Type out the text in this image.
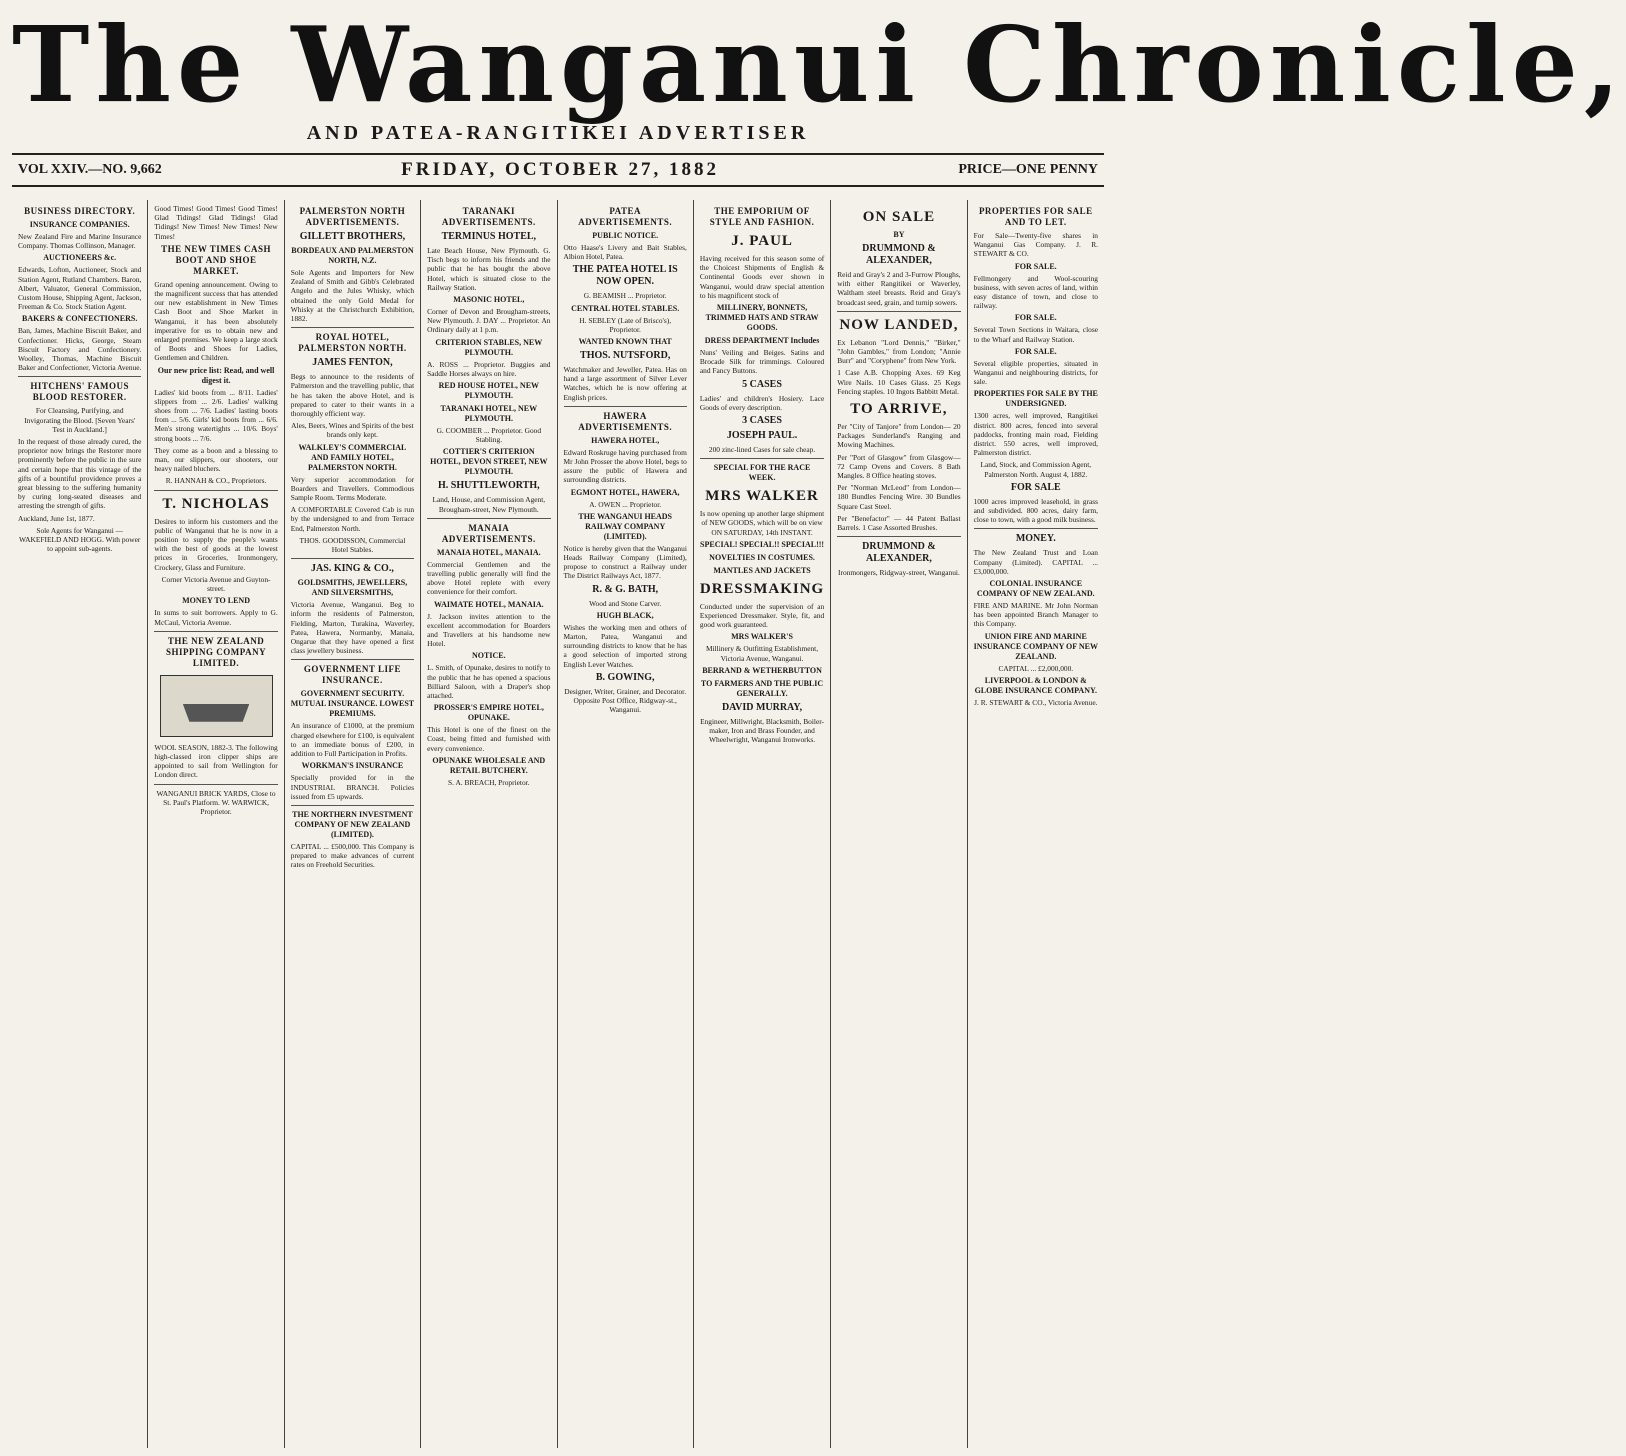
The Wanganui Chronicle,
AND PATEA-RANGITIKEI ADVERTISER
VOL XXIV.—NO. 9,662	FRIDAY, OCTOBER 27, 1882	PRICE—ONE PENNY
BUSINESS DIRECTORY.
INSURANCE COMPANIES.

New Zealand Fire and Marine Insurance Company. Thomas Collinson, Manager.

AUCTIONEERS &c.

Edwards, Lofton, Auctioneer, Stock and Station Agent, Rutland Chambers. Baron, Albert, Valuator, General Commission, Custom House, Shipping Agent, Jackson, Freeman & Co. Stock Station Agent.

BAKERS & CONFECTIONERS.

Ban, James, Machine Biscuit Baker, and Confectioner. Hicks, George, Steam Biscuit Factory and Confectionery. Woolley, Thomas, Machine Biscuit Baker and Confectioner, Victoria Avenue.

HITCHENS' FAMOUS BLOOD RESTORER.

For Cleansing, Purifying, and Invigorating the Blood. [Seven Years' Test in Auckland.]

In the request of those already cured, the proprietor now brings the Restorer more prominently before the public in the sure and certain hope that this vintage of the gifts of a bountiful providence proves a great blessing to the suffering humanity by curing long-seated diseases and arresting the strength of gifts.

Auckland, June 1st, 1877.

Sole Agents for Wanganui — WAKEFIELD AND HOGG. With power to appoint sub-agents.

Good Times! Good Times! Good Times! Glad Tidings! Glad Tidings! Glad Tidings! New Times! New Times! New Times!

THE NEW TIMES CASH BOOT AND SHOE MARKET.

Grand opening announcement. Owing to the magnificent success that has attended our new establishment in New Times Cash Boot and Shoe Market in Wanganui, it has been absolutely imperative for us to obtain new and enlarged premises. We keep a large stock of Boots and Shoes for Ladies, Gentlemen and Children.

Our new price list: Read, and well digest it.

Ladies' kid boots from ... 8/11. Ladies' slippers from ... 2/6. Ladies' walking shoes from ... 7/6. Ladies' lasting boots from ... 5/6. Girls' kid boots from ... 6/6. Men's strong watertights ... 10/6. Boys' strong boots ... 7/6.

They come as a boon and a blessing to man, our slippers, our shooters, our heavy nailed bluchers.

R. HANNAH & CO., Proprietors.

T. NICHOLAS

Desires to inform his customers and the public of Wanganui that he is now in a position to supply the people's wants with the best of goods at the lowest prices in Groceries, Ironmongery, Crockery, Glass and Furniture.

Corner Victoria Avenue and Guyton-street.

MONEY TO LEND

In sums to suit borrowers. Apply to G. McCaul, Victoria Avenue.

THE NEW ZEALAND SHIPPING COMPANY LIMITED.

WOOL SEASON, 1882-3. The following high-classed iron clipper ships are appointed to sail from Wellington for London direct.

WANGANUI BRICK YARDS, Close to St. Paul's Platform. W. WARWICK, Proprietor.

PALMERSTON NORTH ADVERTISEMENTS.
GILLETT BROTHERS,
BORDEAUX AND PALMERSTON NORTH, N.Z.

Sole Agents and Importers for New Zealand of Smith and Gibb's Celebrated Angelo and the Jules Whisky, which obtained the only Gold Medal for Whisky at the Christchurch Exhibition, 1882.

ROYAL HOTEL, PALMERSTON NORTH.
JAMES FENTON,

Begs to announce to the residents of Palmerston and the travelling public, that he has taken the above Hotel, and is prepared to cater to their wants in a thoroughly efficient way.

Ales, Beers, Wines and Spirits of the best brands only kept.

WALKLEY'S COMMERCIAL AND FAMILY HOTEL, PALMERSTON NORTH.

Very superior accommodation for Boarders and Travellers. Commodious Sample Room. Terms Moderate.

A COMFORTABLE Covered Cab is run by the undersigned to and from Terrace End, Palmerston North.

THOS. GOODISSON, Commercial Hotel Stables.

JAS. KING & CO.,
GOLDSMITHS, JEWELLERS, AND SILVERSMITHS,

Victoria Avenue, Wanganui. Beg to inform the residents of Palmerston, Fielding, Marton, Turakina, Waverley, Patea, Hawera, Normanby, Manaia, Ongarue that they have opened a first class jewellery business.

GOVERNMENT LIFE INSURANCE.
GOVERNMENT SECURITY. MUTUAL INSURANCE. LOWEST PREMIUMS.

An insurance of £1000, at the premium charged elsewhere for £100, is equivalent to an immediate bonus of £200, in addition to Full Participation in Profits.

WORKMAN'S INSURANCE

Specially provided for in the INDUSTRIAL BRANCH. Policies issued from £5 upwards.

THE NORTHERN INVESTMENT COMPANY OF NEW ZEALAND (LIMITED).

CAPITAL ... £500,000. This Company is prepared to make advances of current rates on Freehold Securities.

TARANAKI ADVERTISEMENTS.
TERMINUS HOTEL,

Late Beach House, New Plymouth. G. Tisch begs to inform his friends and the public that he has bought the above Hotel, which is situated close to the Railway Station.

MASONIC HOTEL,

Corner of Devon and Brougham-streets, New Plymouth. J. DAY ... Proprietor. An Ordinary daily at 1 p.m.

CRITERION STABLES, NEW PLYMOUTH.

A. ROSS ... Proprietor. Buggies and Saddle Horses always on hire.

RED HOUSE HOTEL, NEW PLYMOUTH.
TARANAKI HOTEL, NEW PLYMOUTH.

G. COOMBER ... Proprietor. Good Stabling.

COTTIER'S CRITERION HOTEL, DEVON STREET, NEW PLYMOUTH.
H. SHUTTLEWORTH,

Land, House, and Commission Agent, Brougham-street, New Plymouth.

MANAIA ADVERTISEMENTS.
MANAIA HOTEL, MANAIA.

Commercial Gentlemen and the travelling public generally will find the above Hotel replete with every convenience for their comfort.

WAIMATE HOTEL, MANAIA.

J. Jackson invites attention to the excellent accommodation for Boarders and Travellers at his handsome new Hotel.

NOTICE.

L. Smith, of Opunake, desires to notify to the public that he has opened a spacious Billiard Saloon, with a Draper's shop attached.

PROSSER'S EMPIRE HOTEL, OPUNAKE.

This Hotel is one of the finest on the Coast, being fitted and furnished with every convenience.

OPUNAKE WHOLESALE AND RETAIL BUTCHERY.

S. A. BREACH, Proprietor.

PATEA ADVERTISEMENTS.
PUBLIC NOTICE.

Otto Haase's Livery and Bait Stables, Albion Hotel, Patea.

THE PATEA HOTEL IS NOW OPEN.

G. BEAMISH ... Proprietor.

CENTRAL HOTEL STABLES.

H. SEBLEY (Late of Brisco's), Proprietor.

WANTED KNOWN THAT
THOS. NUTSFORD,

Watchmaker and Jeweller, Patea. Has on hand a large assortment of Silver Lever Watches, which he is now offering at English prices.

HAWERA ADVERTISEMENTS.
HAWERA HOTEL,

Edward Roskruge having purchased from Mr John Prosser the above Hotel, begs to assure the public of Hawera and surrounding districts.

EGMONT HOTEL, HAWERA,

A. OWEN ... Proprietor.

THE WANGANUI HEADS RAILWAY COMPANY (LIMITED).

Notice is hereby given that the Wanganui Heads Railway Company (Limited), propose to construct a Railway under The District Railways Act, 1877.

R. & G. BATH,

Wood and Stone Carver.

HUGH BLACK,

Wishes the working men and others of Marton, Patea, Wanganui and surrounding districts to know that he has a good selection of imported strong English Lever Watches.

B. GOWING,

Designer, Writer, Grainer, and Decorator. Opposite Post Office, Ridgway-st., Wanganui.

THE EMPORIUM OF STYLE AND FASHION.
J. PAUL

Having received for this season some of the Choicest Shipments of English & Continental Goods ever shown in Wanganui, would draw special attention to his magnificent stock of

MILLINERY, BONNETS, TRIMMED HATS AND STRAW GOODS.
DRESS DEPARTMENT Includes

Nuns' Veiling and Beiges. Satins and Brocade Silk for trimmings. Coloured and Fancy Buttons.

5 CASES

Ladies' and children's Hosiery. Lace Goods of every description.

3 CASES
JOSEPH PAUL.

200 zinc-lined Cases for sale cheap.

SPECIAL FOR THE RACE WEEK.
MRS WALKER

Is now opening up another large shipment of NEW GOODS, which will be on view ON SATURDAY, 14th INSTANT.

SPECIAL! SPECIAL!! SPECIAL!!!
NOVELTIES IN COSTUMES.
MANTLES AND JACKETS
DRESSMAKING

Conducted under the supervision of an Experienced Dressmaker. Style, fit, and good work guaranteed.

MRS WALKER'S

Millinery & Outfitting Establishment, Victoria Avenue, Wanganui.

BERRAND & WETHERBUTTON
TO FARMERS AND THE PUBLIC GENERALLY.
DAVID MURRAY,

Engineer, Millwright, Blacksmith, Boiler-maker, Iron and Brass Founder, and Wheelwright, Wanganui Ironworks.

ON SALE
BY
DRUMMOND & ALEXANDER,

Reid and Gray's 2 and 3-Furrow Ploughs, with either Rangitikei or Waverley, Waltham steel breasts. Reid and Gray's broadcast seed, grain, and turnip sowers.

NOW LANDED,

Ex Lebanon "Lord Dennis," "Birker," "John Gambles," from London; "Annie Burr" and "Coryphene" from New York.

1 Case A.B. Chopping Axes. 69 Keg Wire Nails. 10 Cases Glass. 25 Kegs Fencing staples. 10 Ingots Babbitt Metal.

TO ARRIVE,

Per "City of Tanjore" from London— 20 Packages Sunderland's Ranging and Mowing Machines.

Per "Port of Glasgow" from Glasgow— 72 Camp Ovens and Covers. 8 Bath Mangles. 8 Office heating stoves.

Per "Norman McLeod" from London— 180 Bundles Fencing Wire. 30 Bundles Square Cast Steel.

Per "Benefactor" — 44 Patent Ballast Barrels. 1 Case Assorted Brushes.

DRUMMOND & ALEXANDER,

Ironmongers, Ridgway-street, Wanganui.

PROPERTIES FOR SALE AND TO LET.

For Sale—Twenty-five shares in Wanganui Gas Company. J. R. STEWART & CO.

FOR SALE.

Fellmongery and Wool-scouring business, with seven acres of land, within easy distance of town, and close to railway.

FOR SALE.

Several Town Sections in Waitara, close to the Wharf and Railway Station.

FOR SALE.

Several eligible properties, situated in Wanganui and neighbouring districts, for sale.

PROPERTIES FOR SALE BY THE UNDERSIGNED.

1300 acres, well improved, Rangitikei district. 800 acres, fenced into several paddocks, fronting main road, Fielding district. 550 acres, well improved, Palmerston district.

Land, Stock, and Commission Agent, Palmerston North. August 4, 1882.

FOR SALE

1000 acres improved leasehold, in grass and subdivided. 800 acres, dairy farm, close to town, with a good milk business.

MONEY.

The New Zealand Trust and Loan Company (Limited). CAPITAL ... £3,000,000.

COLONIAL INSURANCE COMPANY OF NEW ZEALAND.

FIRE AND MARINE. Mr John Norman has been appointed Branch Manager to this Company.

UNION FIRE AND MARINE INSURANCE COMPANY OF NEW ZEALAND.

CAPITAL ... £2,000,000.

LIVERPOOL & LONDON & GLOBE INSURANCE COMPANY.

J. R. STEWART & CO., Victoria Avenue.
